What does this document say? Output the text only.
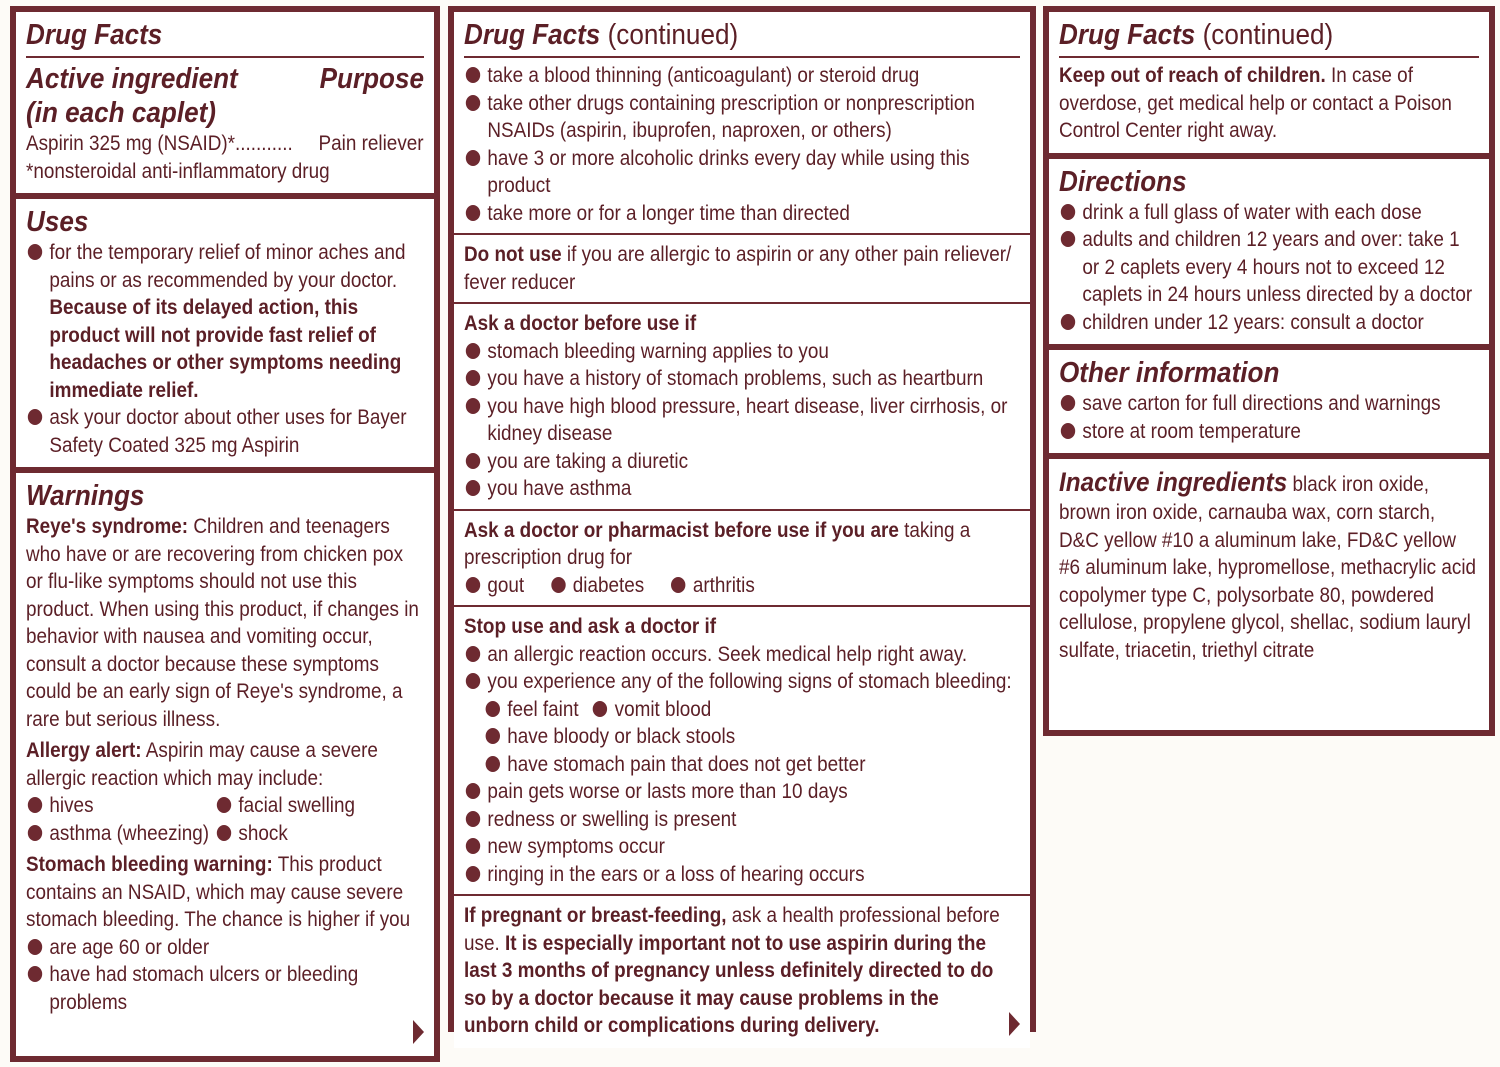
Drug Facts
Active ingredient
(in each caplet)
Purpose
Aspirin 325 mg (NSAID)* ...........	Pain reliever
*nonsteroidal anti-inflammatory drug
Uses
for the temporary relief of minor aches and pains or as recommended by your doctor. Because of its delayed action, this product will not provide fast relief of headaches or other symptoms needing immediate relief.
ask your doctor about other uses for Bayer Safety Coated 325 mg Aspirin
Warnings
Reye's syndrome: Children and teenagers who have or are recovering from chicken pox or flu-like symptoms should not use this product. When using this product, if changes in behavior with nausea and vomiting occur, consult a doctor because these symptoms could be an early sign of Reye's syndrome, a rare but serious illness.
Allergy alert: Aspirin may cause a severe allergic reaction which may include:
hives	facial swelling
asthma (wheezing) shock
Stomach bleeding warning: This product contains an NSAID, which may cause severe stomach bleeding. The chance is higher if you
are age 60 or older
have had stomach ulcers or bleeding problems
Drug Facts (continued)
take a blood thinning (anticoagulant) or steroid drug
take other drugs containing prescription or nonprescription NSAIDs (aspirin, ibuprofen, naproxen, or others)
have 3 or more alcoholic drinks every day while using this product
take more or for a longer time than directed
Do not use if you are allergic to aspirin or any other pain reliever/ fever reducer
Ask a doctor before use if
stomach bleeding warning applies to you
you have a history of stomach problems, such as heartburn
you have high blood pressure, heart disease, liver cirrhosis, or kidney disease
you are taking a diuretic
you have asthma
Ask a doctor or pharmacist before use if you are taking a prescription drug for
gout diabetes arthritis
Stop use and ask a doctor if
an allergic reaction occurs. Seek medical help right away.
you experience any of the following signs of stomach bleeding:
feel faint vomit blood
have bloody or black stools
have stomach pain that does not get better
pain gets worse or lasts more than 10 days
redness or swelling is present
new symptoms occur
ringing in the ears or a loss of hearing occurs
If pregnant or breast-feeding, ask a health professional before use. It is especially important not to use aspirin during the last 3 months of pregnancy unless definitely directed to do so by a doctor because it may cause problems in the unborn child or complications during delivery.
Drug Facts (continued)
Keep out of reach of children. In case of overdose, get medical help or contact a Poison Control Center right away.
Directions
drink a full glass of water with each dose
adults and children 12 years and over: take 1 or 2 caplets every 4 hours not to exceed 12 caplets in 24 hours unless directed by a doctor
children under 12 years: consult a doctor
Other information
save carton for full directions and warnings
store at room temperature
Inactive ingredients black iron oxide, brown iron oxide, carnauba wax, corn starch, D&C yellow #10 a aluminum lake, FD&C yellow #6 aluminum lake, hypromellose, methacrylic acid copolymer type C, polysorbate 80, powdered cellulose, propylene glycol, shellac, sodium lauryl sulfate, triacetin, triethyl citrate
